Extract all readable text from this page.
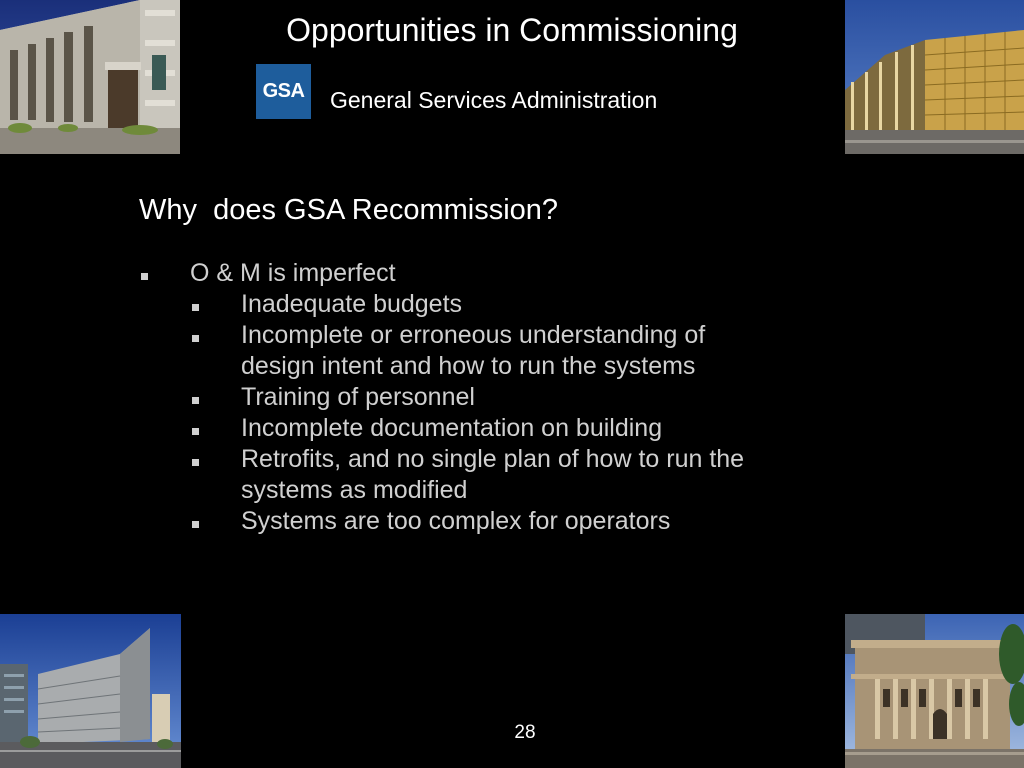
Opportunities in Commissioning
GSA General Services Administration
Why  does GSA Recommission?
O & M is imperfect
Inadequate budgets
Incomplete or erroneous understanding of
design intent and how to run the systems
Training of personnel
Incomplete documentation on building
Retrofits, and no single plan of how to run the
systems as modified
Systems are too complex for operators
28
